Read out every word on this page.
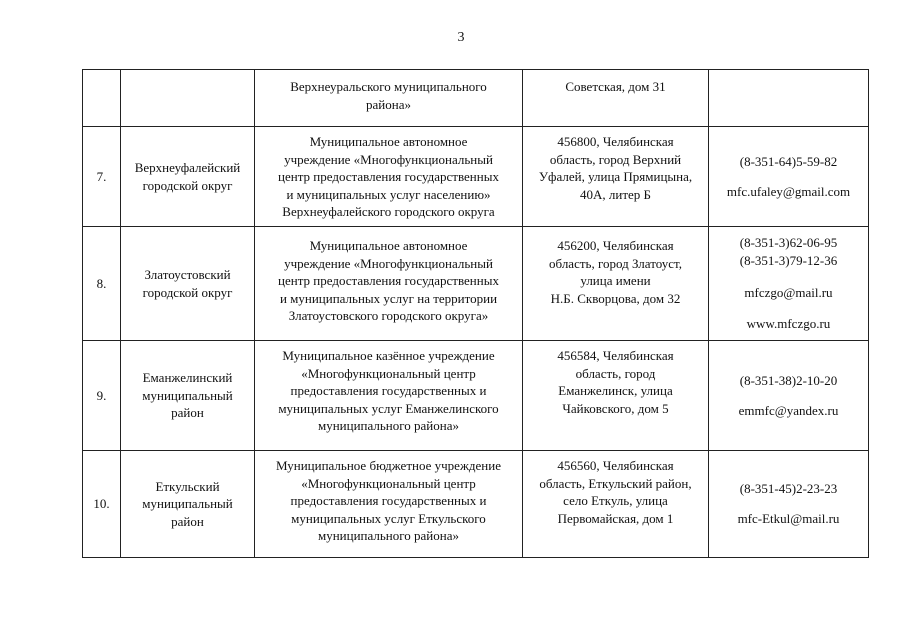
3

		Верхнеуральского муниципального
района»	Советская, дом 31	

7.	Верхнеуфалейский
городской округ	Муниципальное автономное
учреждение «Многофункциональный
центр предоставления государственных
и муниципальных услуг населению»
Верхнеуфалейского городского округа	456800, Челябинская
область, город Верхний
Уфалей, улица Прямицына,
40А, литер Б	(8-351-64)5-59-82
mfc.ufaley@gmail.com

8.	Златоустовский
городской округ	Муниципальное автономное
учреждение «Многофункциональный
центр предоставления государственных
и муниципальных услуг на территории
Златоустовского городского округа»	456200, Челябинская
область, город Златоуст,
улица имени
Н.Б. Скворцова, дом 32	(8-351-3)62-06-95
(8-351-3)79-12-36
mfczgo@mail.ru
www.mfczgo.ru

9.	Еманжелинский
муниципальный
район	Муниципальное казённое учреждение
«Многофункциональный центр
предоставления государственных и
муниципальных услуг Еманжелинского
муниципального района»	456584, Челябинская
область, город
Еманжелинск, улица
Чайковского, дом 5	(8-351-38)2-10-20
emmfc@yandex.ru

10.	Еткульский
муниципальный
район	Муниципальное бюджетное учреждение
«Многофункциональный центр
предоставления государственных и
муниципальных услуг Еткульского
муниципального района»	456560, Челябинская
область, Еткульский район,
село Еткуль, улица
Первомайская, дом 1	(8-351-45)2-23-23
mfc-Etkul@mail.ru
